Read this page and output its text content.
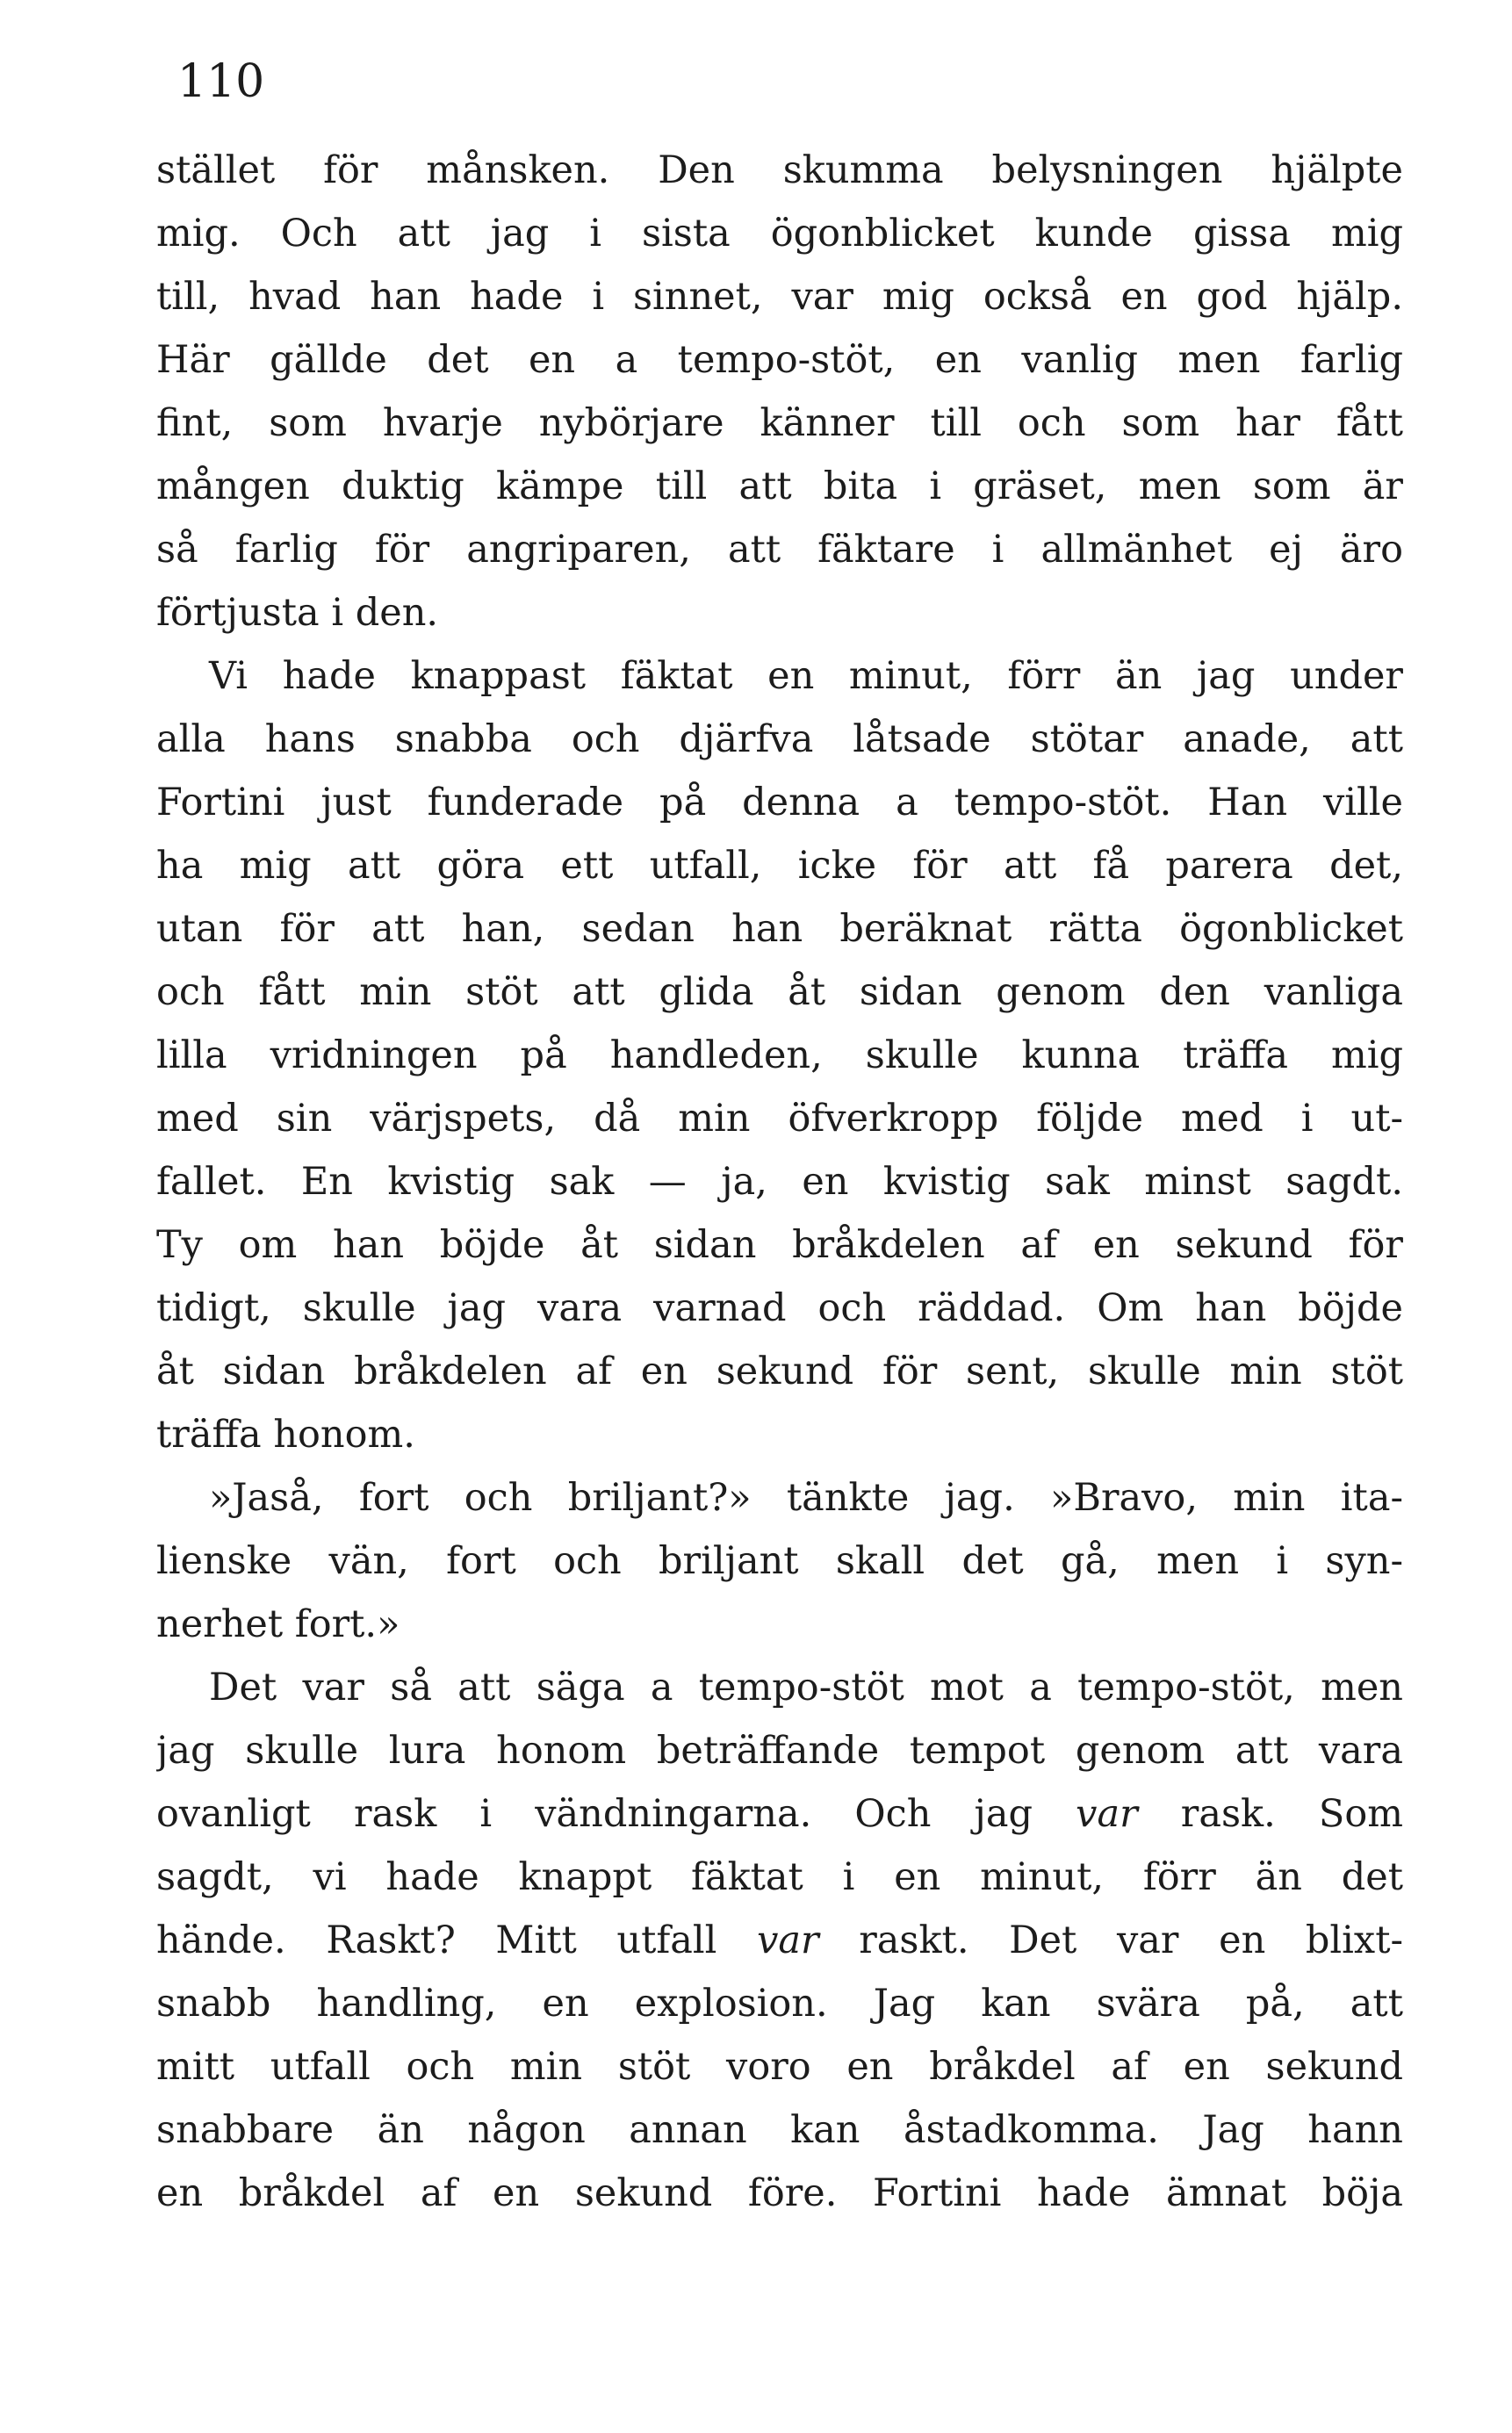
110
stället för månsken. Den skumma belysningen hjälpte
mig. Och att jag i sista ögonblicket kunde gissa mig
till, hvad han hade i sinnet, var mig också en god hjälp.
Här gällde det en a tempo-stöt, en vanlig men farlig
fint, som hvarje nybörjare känner till och som har fått
mången duktig kämpe till att bita i gräset, men som är
så farlig för angriparen, att fäktare i allmänhet ej äro
förtjusta i den.
Vi hade knappast fäktat en minut, förr än jag under
alla hans snabba och djärfva låtsade stötar anade, att
Fortini just funderade på denna a tempo-stöt. Han ville
ha mig att göra ett utfall, icke för att få parera det,
utan för att han, sedan han beräknat rätta ögonblicket
och fått min stöt att glida åt sidan genom den vanliga
lilla vridningen på handleden, skulle kunna träffa mig
med sin värjspets, då min öfverkropp följde med i ut-
fallet. En kvistig sak — ja, en kvistig sak minst sagdt.
Ty om han böjde åt sidan bråkdelen af en sekund för
tidigt, skulle jag vara varnad och räddad. Om han böjde
åt sidan bråkdelen af en sekund för sent, skulle min stöt
träffa honom.
»Jaså, fort och briljant?» tänkte jag. »Bravo, min ita-
lienske vän, fort och briljant skall det gå, men i syn-
nerhet fort.»
Det var så att säga a tempo-stöt mot a tempo-stöt, men
jag skulle lura honom beträffande tempot genom att vara
ovanligt rask i vändningarna. Och jag var rask. Som
sagdt, vi hade knappt fäktat i en minut, förr än det
hände. Raskt? Mitt utfall var raskt. Det var en blixt-
snabb handling, en explosion. Jag kan svära på, att
mitt utfall och min stöt voro en bråkdel af en sekund
snabbare än någon annan kan åstadkomma. Jag hann
en bråkdel af en sekund före. Fortini hade ämnat böja
